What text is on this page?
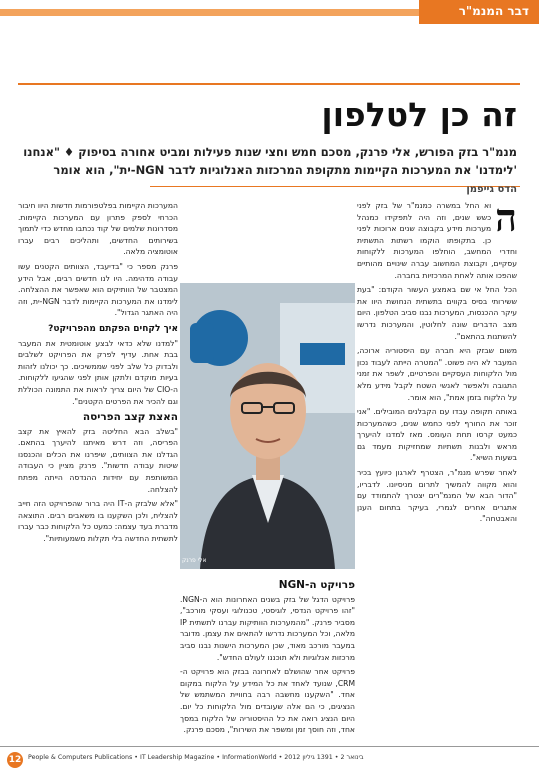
דבר המנמ"ר
זה כן לטלפון
מנמ"ר בזק הפורש, אלי פרנק, מסכם חמש וחצי שנות פעילות ומביט אחורה בסיפוק ♦ "אנחנו 'לימדנו' את המערכות הקיימות מתקופת המרכזות האנלוגיות לדבר NGN-ית", הוא אומר
הדס גייפמן

ה
וא החל במשרה כמנמ"ר של בזק לפני כשש שנים, וזה היה לתפקידו כמנהל מערכות מידע בקבוצה שנים ארוכות לפני כן. בתקופתו הוקמו רשתות התשתית וחדרי המחשב, הוחלפו המערכות ללקוחות עסקיים, וקבוצת המחשוב עברה שינויים מהותיים שהפכו אותה לאחת המרכזיות בחברה.

הכל החל אי שם באמצע העשור הקודם: "בעת ששירותי בסיס בקווים בתשתית הנחושת היוו את עיקר ההכנסות, המערכות נבנו סביב הטלפון. היום מצב הדברים שונה לחלוטין, והמערכות נדרשו להשתנות בהתאם".

משום שבזק היא חברה עם היסטוריה ארוכה, המעבר לא היה פשוט. "המטרה הייתה לעבוד נכון מול הלקוחות העסקיים והפרטיים, לשפר את זמני התגובה ולאפשר לאנשי השטח לקבל מידע מלא על הלקוח בזמן אמת", הוא אומר.

באותה תקופה עבדו עם הקבלנים המובילים. "אני זוכר את החורף לפני כחמש שנים, כשהמערכות כמעט קרסו תחת העומס. מאז למדנו להיערך מראש ולבנות תשתיות שמחזיקות מעמד גם בשעות השיא".

לאחר שפרש מנמ"ר, הצטרף לארגון כיועץ בכיר והוא מקווה להמשיך לתרום מניסיונו. לדבריו, "הדור הבא של המנמ"רים יצטרך להתמודד עם אתגרים אחרים לגמרי, בעיקר בתחום הענן והאבטחה".

המערכות הקיימות בפלטפורמות חדשות היוו חיבור הכרחי לספק פתרון עם המערכות הקיימות. מסדרונות שלמים של קוד נכתבו מחדש כדי לתמוך בשירותים החדשים, ותהליכים רבים עברו אוטומציה מלאה.

פרנק מספר כי "בדיעבד, הצוותים הקטנים עשו עבודה מדהימה. היו לנו חדשים רבים, אבל הידע המצטבר של הוותיקים הוא שאפשר את ההצלחה. לימדנו את המערכות הקיימות לדבר NGN-ית, וזה היה האתגר הגדול".

איך לקחים הפקתם מהפרויקט?

"למדנו שלא כדאי לבצע אוטומטית את המעבר בבת אחת. עדיף לפרק את הפרויקט לשלבים ולבדוק כל שלב לפני שממשיכים. כך יכולנו לזהות בעיות מוקדם ולתקן אותן לפני שהגיעו ללקוחות. ה-CIO של היום צריך לראות את התמונה הכוללת וגם להכיר את הפרטים הקטנים".

האצת קצב הפריסה

"בשלב הבא החליטה בזק להאיץ את קצב הפריסה, וזה דרש מאיתנו להיערך בהתאם. הגדלנו את הצוותים, שיפרנו את הכלים והכנסנו שיטות עבודה חדשות". פרנק מציין כי העבודה המשותפת עם יחידות ההנדסה הייתה מפתח להצלחה.

"אלא שלבזק ה-IT היה ברור שהפרויקט הזה חייב להצליח, ולכן השקענו בו משאבים רבים. התוצאה מדברת בעד עצמה: כמעט כל הלקוחות כבר עברו לתשתית החדשה בלי תקלות משמעותיות".

פרויקט ה-NGN

פרויקט הדגל של בזק בשנים האחרונות הוא ה-NGN. "זהו פרויקט הנדסי, לוגיסטי, טכנולוגי ועסקי מורכב", מסביר פרנק. "מהמערכות הוותיקות עברנו לתשתית IP מלאה, וכל המערכות נדרשו להתאים את עצמן. מדובר במעבר מורכב מאוד, שכן המערכות הישנות נבנו סביב מרכזות אנלוגיות ולא תוכננו לעולם החדש".

פרויקט אחר שהושלם לאחרונה בבזק הוא פרויקט ה-CRM, שנועד לאחד את כל המידע על הלקוח במקום אחד. "השקענו מחשבה רבה בחוויית המשתמש של הנציגים, כי הם אלה שעובדים מול הלקוחות כל יום. היום הנציג רואה את כל ההיסטוריה של הלקוח במסך אחד, וזה חוסך זמן ומשפר את השירות", מסכם פרנק.

אלי פרנק
12 People & Computers Publications • IT Leadership Magazine • InformationWorld • 2012 בינואר 2 • 1391 גיליון
